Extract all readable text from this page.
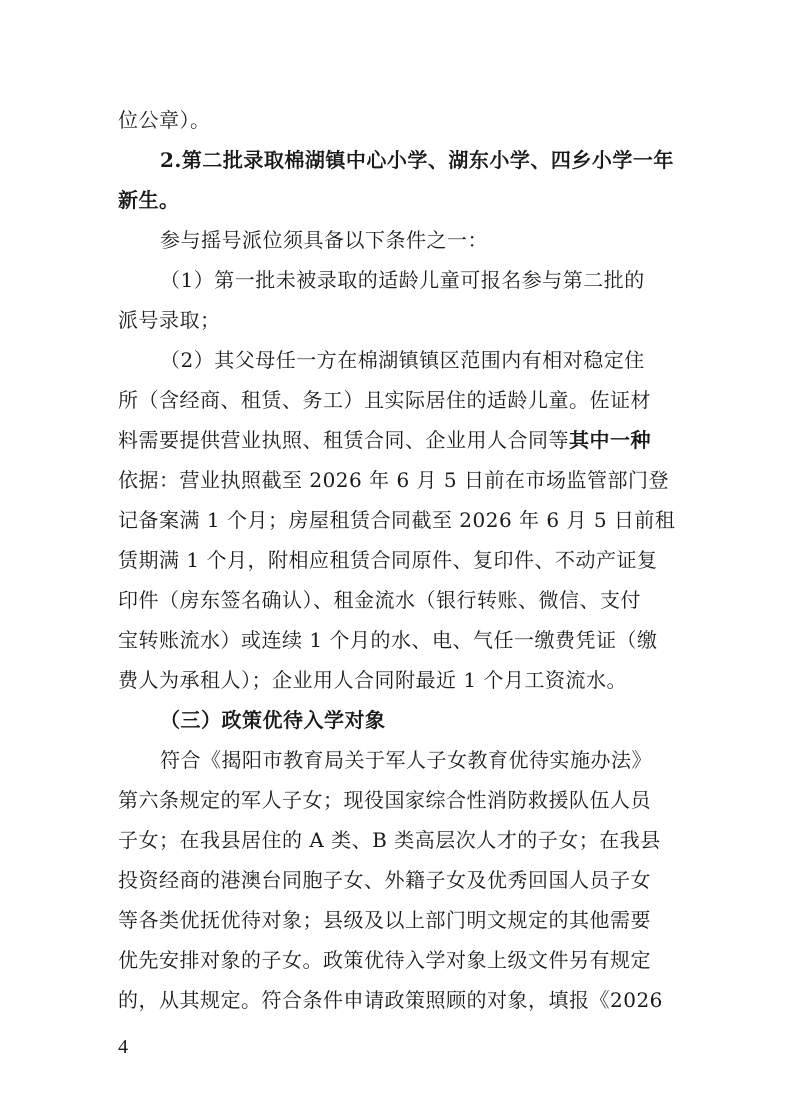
位公章）。
2.第二批录取棉湖镇中心小学、湖东小学、四乡小学一年
新生。
参与摇号派位须具备以下条件之一：
（1）第一批未被录取的适龄儿童可报名参与第二批的
派号录取；
（2）其父母任一方在棉湖镇镇区范围内有相对稳定住
所（含经商、租赁、务工）且实际居住的适龄儿童。佐证材
料需要提供营业执照、租赁合同、企业用人合同等其中一种
依据：营业执照截至 2026 年 6 月 5 日前在市场监管部门登
记备案满 1 个月；房屋租赁合同截至 2026 年 6 月 5 日前租
赁期满 1 个月，附相应租赁合同原件、复印件、不动产证复
印件（房东签名确认）、租金流水（银行转账、微信、支付
宝转账流水）或连续 1 个月的水、电、气任一缴费凭证（缴
费人为承租人）；企业用人合同附最近 1 个月工资流水。
（三）政策优待入学对象
符合《揭阳市教育局关于军人子女教育优待实施办法》
第六条规定的军人子女；现役国家综合性消防救援队伍人员
子女；在我县居住的 A 类、B 类高层次人才的子女；在我县
投资经商的港澳台同胞子女、外籍子女及优秀回国人员子女
等各类优抚优待对象；县级及以上部门明文规定的其他需要
优先安排对象的子女。政策优待入学对象上级文件另有规定
的，从其规定。符合条件申请政策照顾的对象，填报《2026
4
